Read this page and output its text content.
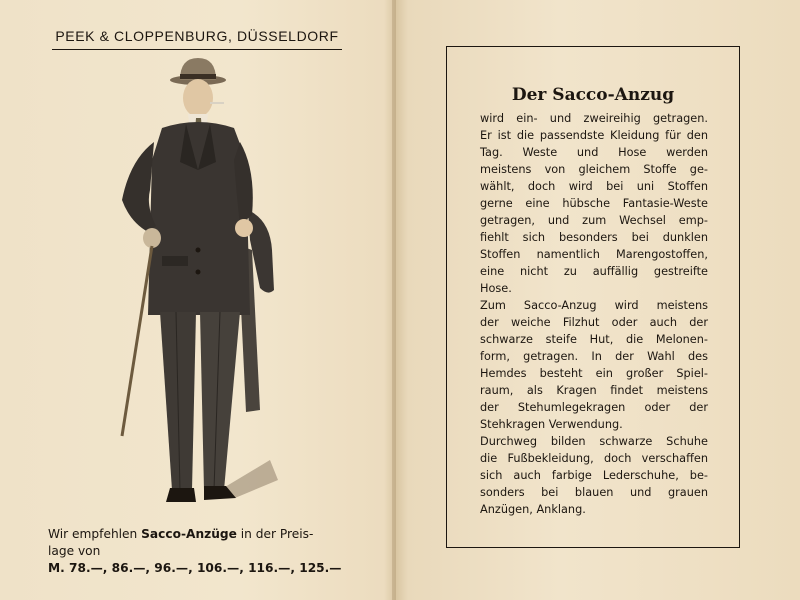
PEEK & CLOPPENBURG, DÜSSELDORF
Wir empfehlen Sacco-Anzüge in der Preis-
lage von
M. 78.—, 86.—, 96.—, 106.—, 116.—, 125.—
Der Sacco-Anzug
wird ein- und zweireihig getragen.
Er ist die passendste Kleidung für den
Tag. Weste und Hose werden
meistens von gleichem Stoffe ge-
wählt, doch wird bei uni Stoffen
gerne eine hübsche Fantasie-Weste
getragen, und zum Wechsel emp-
fiehlt sich besonders bei dunklen
Stoffen namentlich Marengostoffen,
eine nicht zu auffällig gestreifte
Hose.
Zum Sacco-Anzug wird meistens
der weiche Filzhut oder auch der
schwarze steife Hut, die Melonen-
form, getragen. In der Wahl des
Hemdes besteht ein großer Spiel-
raum, als Kragen findet meistens
der Stehumlegekragen oder der
Stehkragen Verwendung.
Durchweg bilden schwarze Schuhe
die Fußbekleidung, doch verschaffen
sich auch farbige Lederschuhe, be-
sonders bei blauen und grauen
Anzügen, Anklang.
